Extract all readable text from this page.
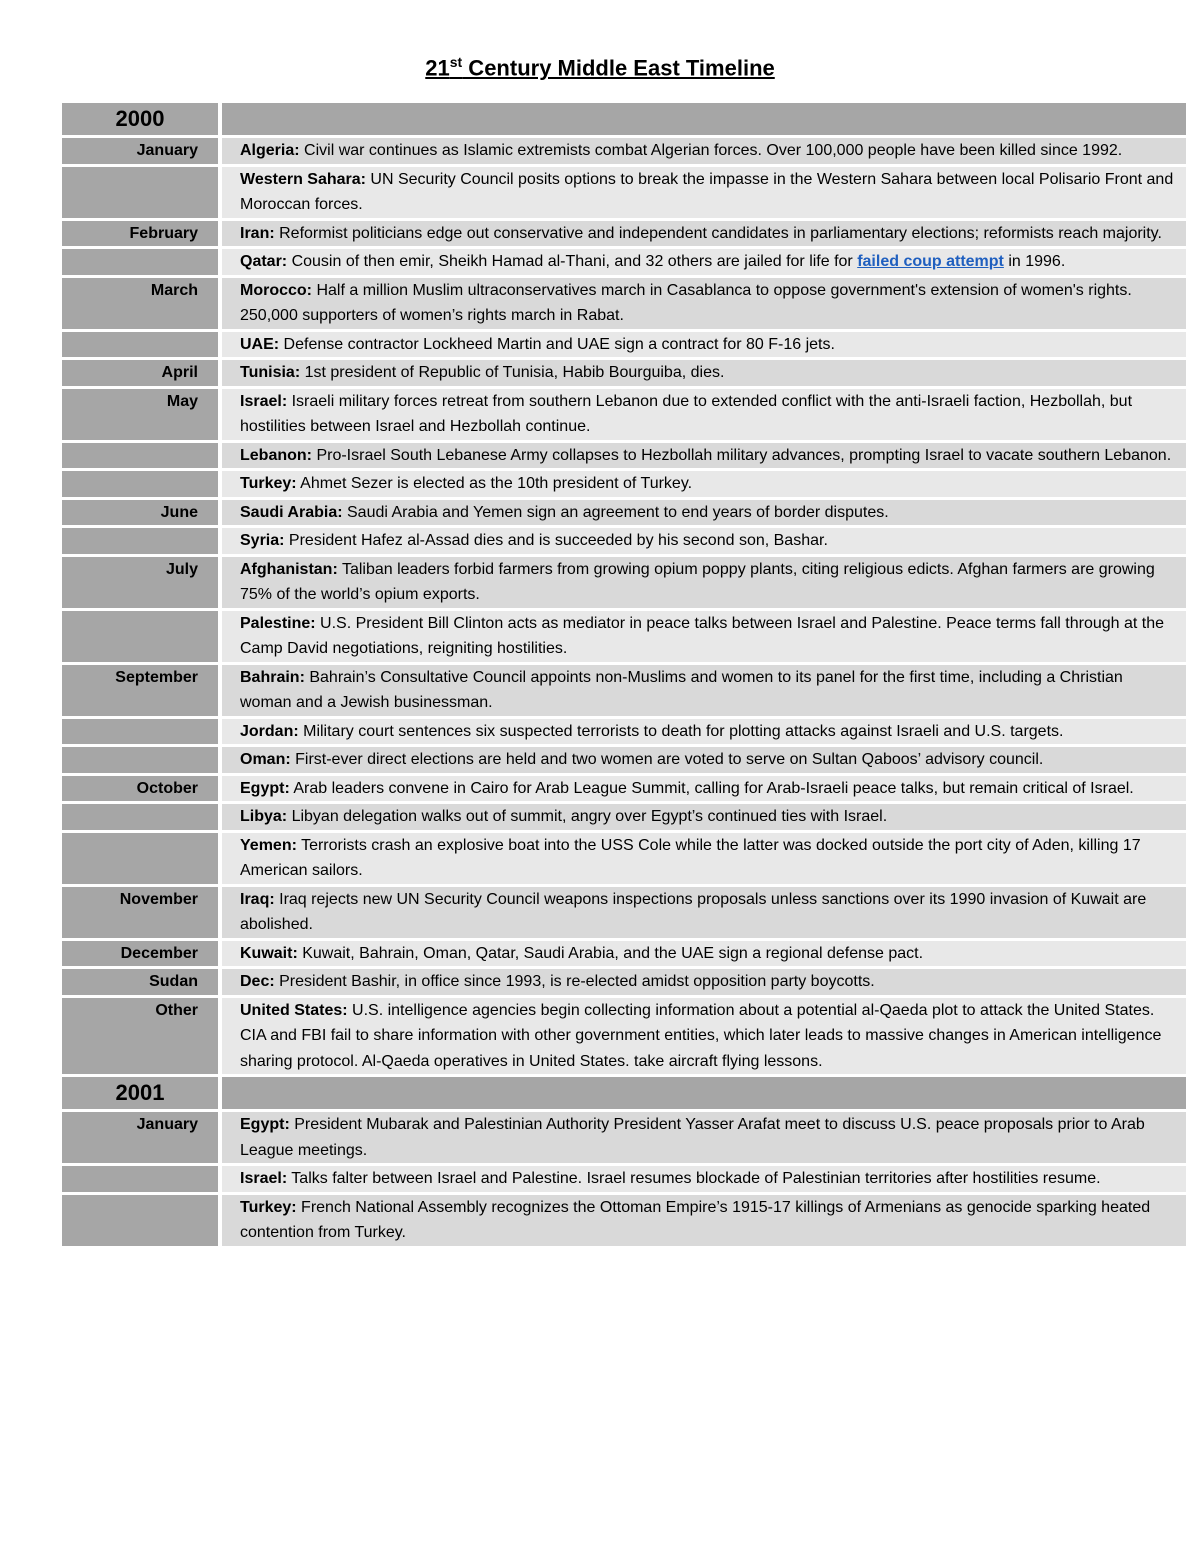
21st Century Middle East Timeline
2000		
January		Algeria: Civil war continues as Islamic extremists combat Algerian forces. Over 100,000 people have been killed since 1992.
		Western Sahara: UN Security Council posits options to break the impasse in the Western Sahara between local Polisario Front and Moroccan forces.
February		Iran: Reformist politicians edge out conservative and independent candidates in parliamentary elections; reformists reach majority.
		Qatar: Cousin of then emir, Sheikh Hamad al-Thani, and 32 others are jailed for life for failed coup attempt in 1996.
March		Morocco: Half a million Muslim ultraconservatives march in Casablanca to oppose government's extension of women's rights. 250,000 supporters of women’s rights march in Rabat.
		UAE: Defense contractor Lockheed Martin and UAE sign a contract for 80 F-16 jets.
April		Tunisia: 1st president of Republic of Tunisia, Habib Bourguiba, dies.
May		Israel: Israeli military forces retreat from southern Lebanon due to extended conflict with the anti-Israeli faction, Hezbollah, but hostilities between Israel and Hezbollah continue.
		Lebanon: Pro-Israel South Lebanese Army collapses to Hezbollah military advances, prompting Israel to vacate southern Lebanon.
		Turkey: Ahmet Sezer is elected as the 10th president of Turkey.
June		Saudi Arabia: Saudi Arabia and Yemen sign an agreement to end years of border disputes.
		Syria: President Hafez al-Assad dies and is succeeded by his second son, Bashar.
July		Afghanistan: Taliban leaders forbid farmers from growing opium poppy plants, citing religious edicts. Afghan farmers are growing 75% of the world’s opium exports.
		Palestine: U.S. President Bill Clinton acts as mediator in peace talks between Israel and Palestine. Peace terms fall through at the Camp David negotiations, reigniting hostilities.
September		Bahrain: Bahrain’s Consultative Council appoints non-Muslims and women to its panel for the first time, including a Christian woman and a Jewish businessman.
		Jordan: Military court sentences six suspected terrorists to death for plotting attacks against Israeli and U.S. targets.
		Oman: First-ever direct elections are held and two women are voted to serve on Sultan Qaboos’ advisory council.
October		Egypt: Arab leaders convene in Cairo for Arab League Summit, calling for Arab-Israeli peace talks, but remain critical of Israel.
		Libya: Libyan delegation walks out of summit, angry over Egypt’s continued ties with Israel.
		Yemen: Terrorists crash an explosive boat into the USS Cole while the latter was docked outside the port city of Aden, killing 17 American sailors.
November		Iraq: Iraq rejects new UN Security Council weapons inspections proposals unless sanctions over its 1990 invasion of Kuwait are abolished.
December		Kuwait: Kuwait, Bahrain, Oman, Qatar, Saudi Arabia, and the UAE sign a regional defense pact.
Sudan		Dec: President Bashir, in office since 1993, is re-elected amidst opposition party boycotts.
Other		United States: U.S. intelligence agencies begin collecting information about a potential al-Qaeda plot to attack the United States. CIA and FBI fail to share information with other government entities, which later leads to massive changes in American intelligence sharing protocol. Al-Qaeda operatives in United States. take aircraft flying lessons.
2001		
January		Egypt: President Mubarak and Palestinian Authority President Yasser Arafat meet to discuss U.S. peace proposals prior to Arab League meetings.
		Israel: Talks falter between Israel and Palestine. Israel resumes blockade of Palestinian territories after hostilities resume.
		Turkey: French National Assembly recognizes the Ottoman Empire’s 1915-17 killings of Armenians as genocide sparking heated contention from Turkey.
